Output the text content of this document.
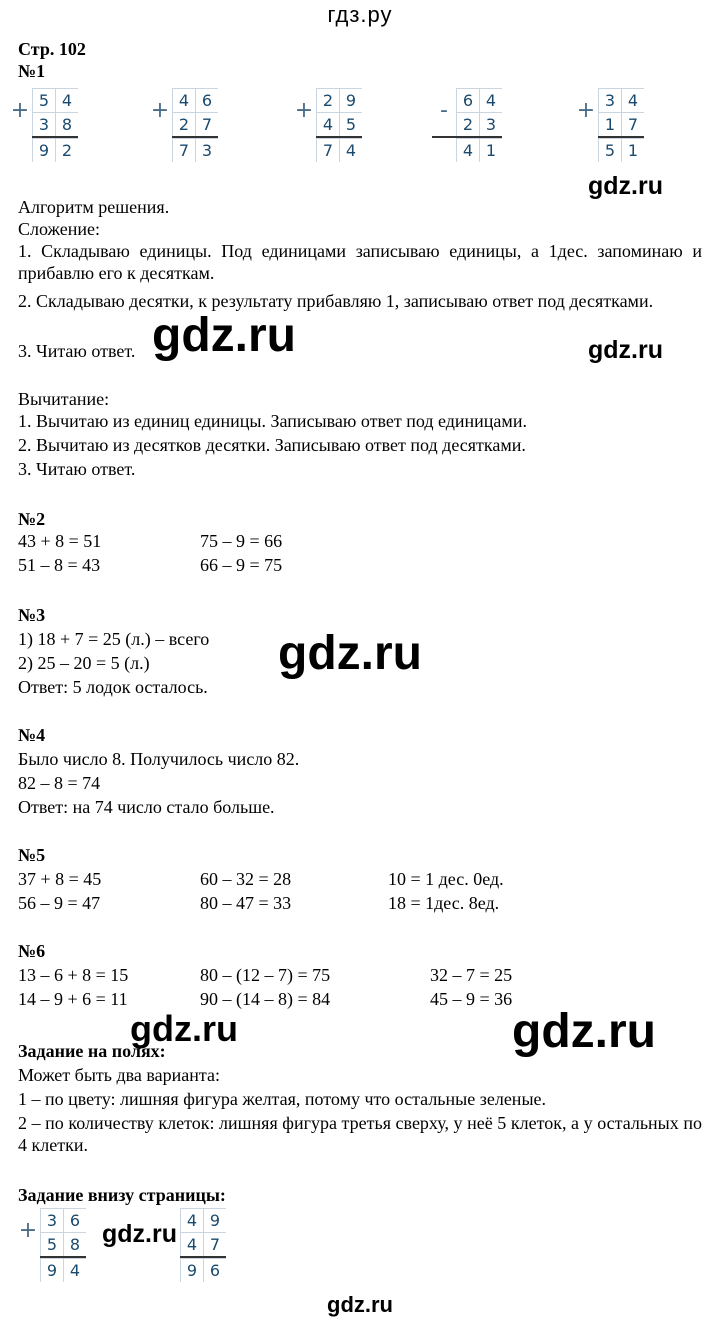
гдз.ру
Стр. 102
№1
+ 5 4
3 8
9 2
+ 4 6
2 7
7 3
+ 2 9
4 5
7 4
- 6 4
2 3
4 1
+ 3 4
1 7
5 1
gdz.ru
Алгоритм решения.
Сложение:
1. Складываю единицы. Под единицами записываю единицы, а 1дес. запоминаю и прибавлю его к десяткам.
2. Складываю десятки, к результату прибавляю 1, записываю ответ под десятками.
3. Читаю ответ. gdz.ru	gdz.ru
Вычитание:
1. Вычитаю из единиц единицы. Записываю ответ под единицами.
2. Вычитаю из десятков десятки. Записываю ответ под десятками.
3. Читаю ответ.
№2
43 + 8 = 51
51 – 8 = 43
75 – 9 = 66
66 – 9 = 75
№3
1) 18 + 7 = 25 (л.) – всего
2) 25 – 20 = 5 (л.)
Ответ: 5 лодок осталось.
gdz.ru
№4
Было число 8. Получилось число 82.
82 – 8 = 74
Ответ: на 74 число стало больше.
№5
37 + 8 = 45
56 – 9 = 47
60 – 32 = 28
80 – 47 = 33
10 = 1 дес. 0ед.
18 = 1дес. 8ед.
№6
13 – 6 + 8 = 15
14 – 9 + 6 = 11
80 – (12 – 7) = 75
90 – (14 – 8) = 84
32 – 7 = 25
45 – 9 = 36
gdz.ru	gdz.ru
Задание на полях:
Может быть два варианта:
1 – по цвету: лишняя фигура желтая, потому что остальные зеленые.
2 – по количеству клеток: лишняя фигура третья сверху, у неё 5 клеток, а у остальных по 4 клетки.
Задание внизу страницы:
+ 3 6
5 8
9 4
4 9
4 7
9 6
gdz.ru
gdz.ru
